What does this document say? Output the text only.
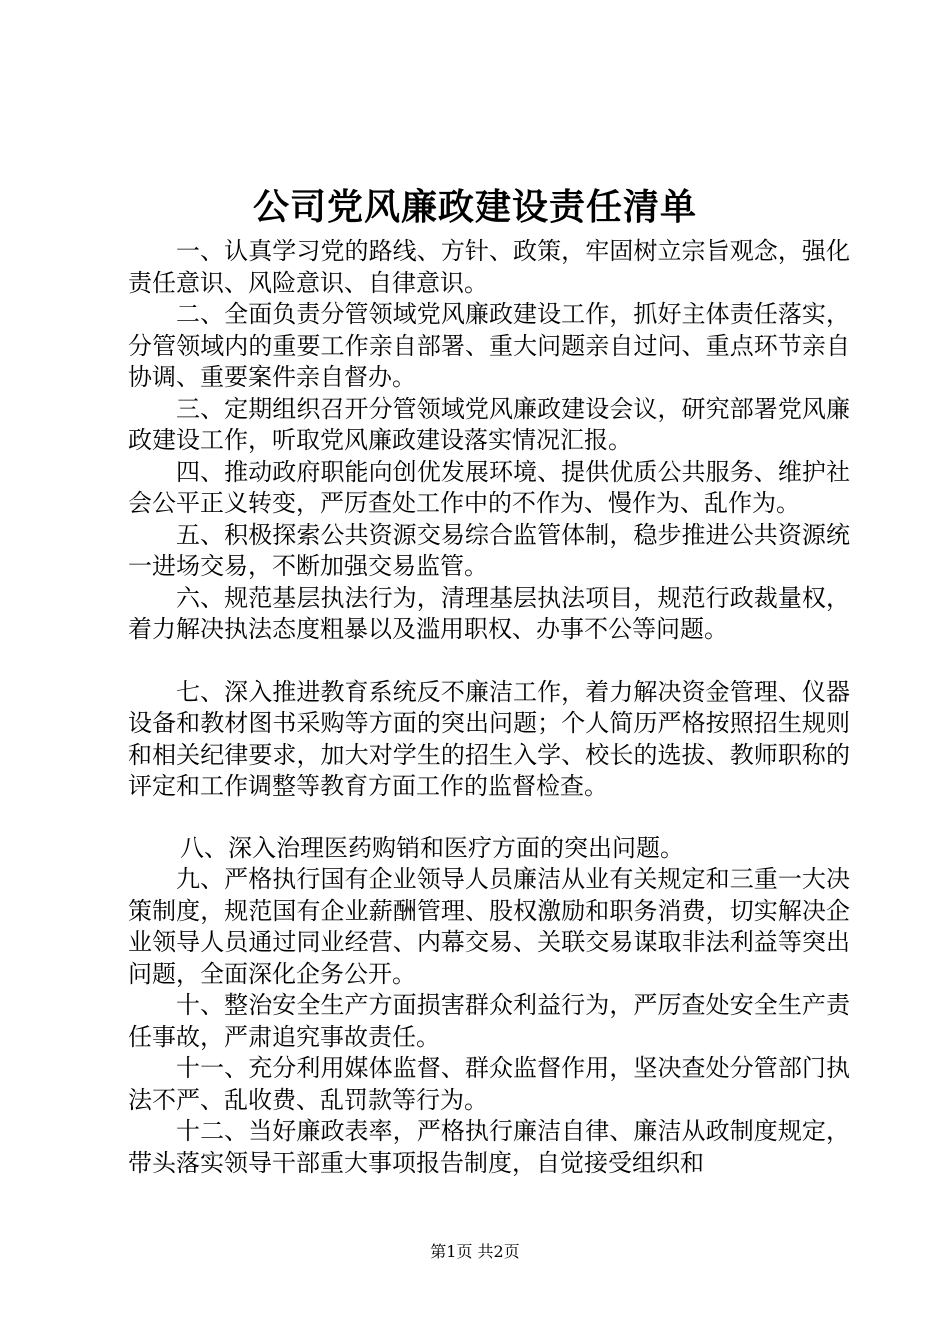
公司党风廉政建设责任清单

一、认真学习党的路线、方针、政策，牢固树立宗旨观念，强化责任意识、风险意识、自律意识。

二、全面负责分管领域党风廉政建设工作，抓好主体责任落实，分管领域内的重要工作亲自部署、重大问题亲自过问、重点环节亲自协调、重要案件亲自督办。

三、定期组织召开分管领域党风廉政建设会议，研究部署党风廉政建设工作，听取党风廉政建设落实情况汇报。

四、推动政府职能向创优发展环境、提供优质公共服务、维护社会公平正义转变，严厉查处工作中的不作为、慢作为、乱作为。

五、积极探索公共资源交易综合监管体制，稳步推进公共资源统一进场交易，不断加强交易监管。

六、规范基层执法行为，清理基层执法项目，规范行政裁量权，着力解决执法态度粗暴以及滥用职权、办事不公等问题。

七、深入推进教育系统反不廉洁工作，着力解决资金管理、仪器设备和教材图书采购等方面的突出问题；个人简历严格按照招生规则和相关纪律要求，加大对学生的招生入学、校长的选拔、教师职称的评定和工作调整等教育方面工作的监督检查。

八、深入治理医药购销和医疗方面的突出问题。

九、严格执行国有企业领导人员廉洁从业有关规定和三重一大决策制度，规范国有企业薪酬管理、股权激励和职务消费，切实解决企业领导人员通过同业经营、内幕交易、关联交易谋取非法利益等突出问题，全面深化企务公开。

十、整治安全生产方面损害群众利益行为，严厉查处安全生产责任事故，严肃追究事故责任。

十一、充分利用媒体监督、群众监督作用，坚决查处分管部门执法不严、乱收费、乱罚款等行为。

十二、当好廉政表率，严格执行廉洁自律、廉洁从政制度规定，带头落实领导干部重大事项报告制度，自觉接受组织和

第1页 共2页
